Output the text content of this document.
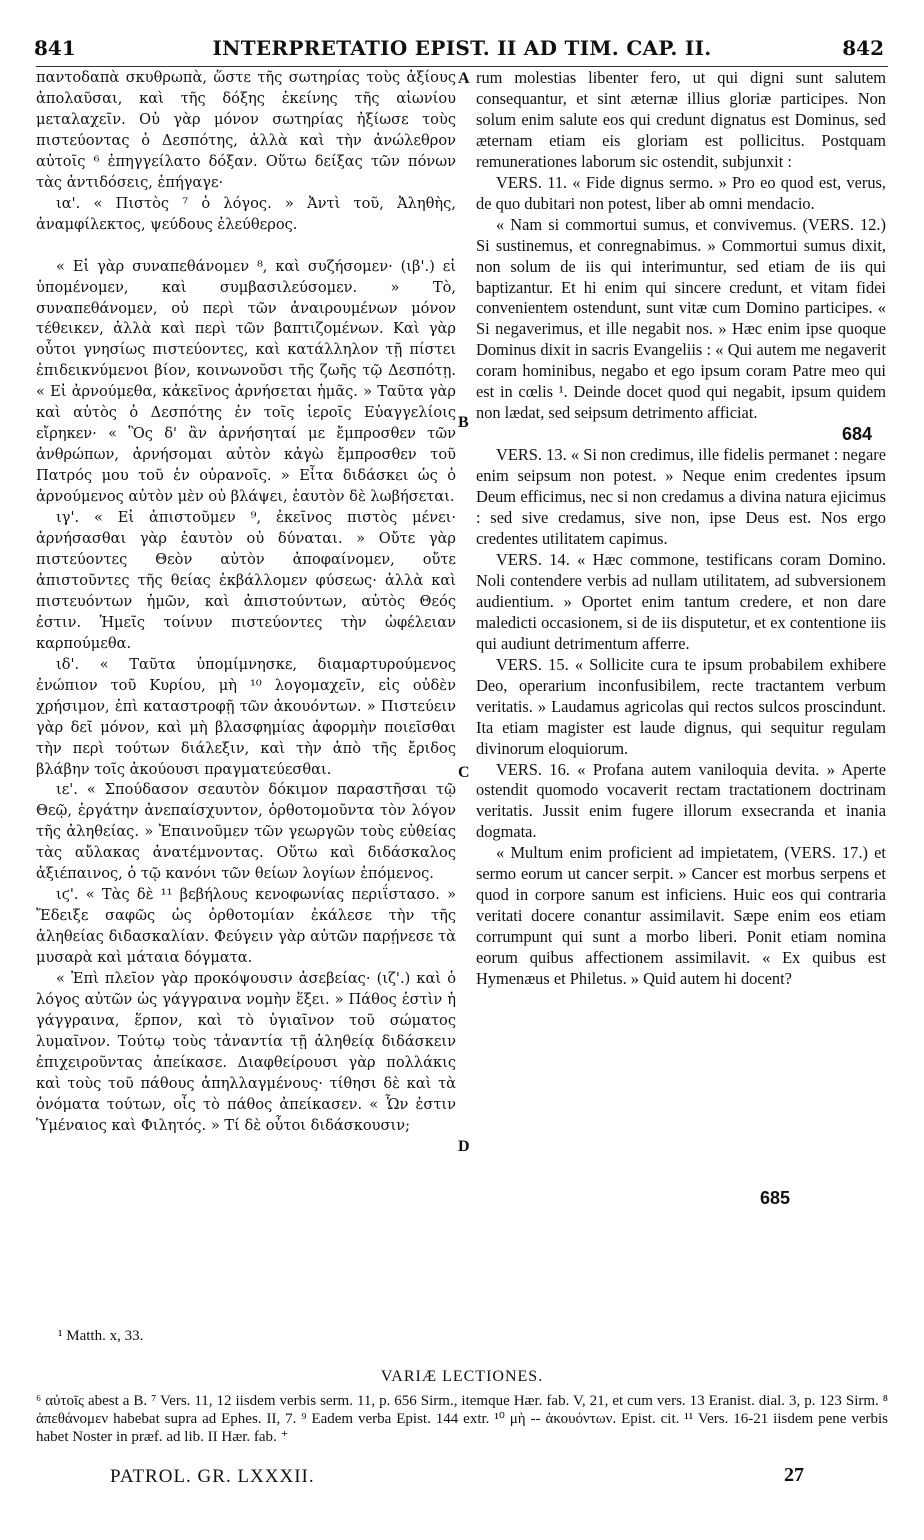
841	INTERPRETATIO EPIST. II AD TIM. CAP. II.	842

παντοδαπὰ σκυθρωπὰ, ὥστε τῆς σωτηρίας τοὺς ἀξίους ἀπολαῦσαι, καὶ τῆς δόξης ἐκείνης τῆς αἰωνίου μεταλαχεῖν. Οὐ γὰρ μόνον σωτηρίας ἠξίωσε τοὺς πιστεύοντας ὁ Δεσπότης, ἀλλὰ καὶ τὴν ἀνώλεθρον αὐτοῖς ⁶ ἐπηγγείλατο δόξαν. Οὕτω δείξας τῶν πόνων τὰς ἀντιδόσεις, ἐπήγαγε·

ια'. « Πιστὸς ⁷ ὁ λόγος. » Ἀντὶ τοῦ, Ἀληθὴς, ἀναμφίλεκτος, ψεύδους ἐλεύθερος.

« Εἰ γὰρ συναπεθάνομεν ⁸, καὶ συζήσομεν· (ιβ'.) εἰ ὑπομένομεν, καὶ συμβασιλεύσομεν. » Τὸ, συναπεθάνομεν, οὐ περὶ τῶν ἀναιρουμένων μόνον τέθεικεν, ἀλλὰ καὶ περὶ τῶν βαπτιζομένων. Καὶ γὰρ οὗτοι γνησίως πιστεύοντες, καὶ κατάλληλον τῇ πίστει ἐπιδεικνύμενοι βίον, κοινωνοῦσι τῆς ζωῆς τῷ Δεσπότῃ. « Εἰ ἀρνούμεθα, κἀκεῖνος ἀρνήσεται ἡμᾶς. » Ταῦτα γὰρ καὶ αὐτὸς ὁ Δεσπότης ἐν τοῖς ἱεροῖς Εὐαγγελίοις εἴρηκεν· « Ὃς δ' ἂν ἀρνήσηταί με ἔμπροσθεν τῶν ἀνθρώπων, ἀρνήσομαι αὐτὸν κἀγὼ ἔμπροσθεν τοῦ Πατρός μου τοῦ ἐν οὐρανοῖς. » Εἶτα διδάσκει ὡς ὁ ἀρνούμενος αὐτὸν μὲν οὐ βλάψει, ἑαυτὸν δὲ λωβήσεται.

ιγ'. « Εἰ ἀπιστοῦμεν ⁹, ἐκεῖνος πιστὸς μένει· ἀρνήσασθαι γὰρ ἑαυτὸν οὐ δύναται. » Οὔτε γὰρ πιστεύοντες Θεὸν αὐτὸν ἀποφαίνομεν, οὔτε ἀπιστοῦντες τῆς θείας ἐκβάλλομεν φύσεως· ἀλλὰ καὶ πιστευόντων ἡμῶν, καὶ ἀπιστούντων, αὐτὸς Θεός ἐστιν. Ἡμεῖς τοίνυν πιστεύοντες τὴν ὠφέλειαν καρπούμεθα.

ιδ'. « Ταῦτα ὑπομίμνησκε, διαμαρτυρούμενος ἐνώπιον τοῦ Κυρίου, μὴ ¹⁰ λογομαχεῖν, εἰς οὐδὲν χρήσιμον, ἐπὶ καταστροφῇ τῶν ἀκουόντων. » Πιστεύειν γὰρ δεῖ μόνον, καὶ μὴ βλασφημίας ἀφορμὴν ποιεῖσθαι τὴν περὶ τούτων διάλεξιν, καὶ τὴν ἀπὸ τῆς ἔριδος βλάβην τοῖς ἀκούουσι πραγματεύεσθαι.

ιε'. « Σπούδασον σεαυτὸν δόκιμον παραστῆσαι τῷ Θεῷ, ἐργάτην ἀνεπαίσχυντον, ὀρθοτομοῦντα τὸν λόγον τῆς ἀληθείας. » Ἐπαινοῦμεν τῶν γεωργῶν τοὺς εὐθείας τὰς αὔλακας ἀνατέμνοντας. Οὕτω καὶ διδάσκαλος ἀξιέπαινος, ὁ τῷ κανόνι τῶν θείων λογίων ἑπόμενος.

ιϛ'. « Τὰς δὲ ¹¹ βεβήλους κενοφωνίας περιΐστασο. » Ἔδειξε σαφῶς ὡς ὀρθοτομίαν ἐκάλεσε τὴν τῆς ἀληθείας διδασκαλίαν. Φεύγειν γὰρ αὐτῶν παρῄνεσε τὰ μυσαρὰ καὶ μάταια δόγματα.

« Ἐπὶ πλεῖον γὰρ προκόψουσιν ἀσεβείας· (ιζ'.) καὶ ὁ λόγος αὐτῶν ὡς γάγγραινα νομὴν ἕξει. » Πάθος ἐστὶν ἡ γάγγραινα, ἕρπον, καὶ τὸ ὑγιαῖνον τοῦ σώματος λυμαῖνον. Τούτῳ τοὺς τἀναντία τῇ ἀληθείᾳ διδάσκειν ἐπιχειροῦντας ἀπείκασε. Διαφθείρουσι γὰρ πολλάκις καὶ τοὺς τοῦ πάθους ἀπηλλαγμένους· τίθησι δὲ καὶ τὰ ὀνόματα τούτων, οἷς τὸ πάθος ἀπείκασεν. « Ὧν ἐστιν Ὑμέναιος καὶ Φιλητός. » Τί δὲ οὗτοι διδάσκουσιν;

rum molestias libenter fero, ut qui digni sunt salutem consequantur, et sint æternæ illius gloriæ participes. Non solum enim salute eos qui credunt dignatus est Dominus, sed æternam etiam eis gloriam est pollicitus. Postquam remunerationes laborum sic ostendit, subjunxit :

VERS. 11. « Fide dignus sermo. » Pro eo quod est, verus, de quo dubitari non potest, liber ab omni mendacio.

« Nam si commortui sumus, et convivemus. (VERS. 12.) Si sustinemus, et conregnabimus. » Commortui sumus dixit, non solum de iis qui interimuntur, sed etiam de iis qui baptizantur. Et hi enim qui sincere credunt, et vitam fidei convenientem ostendunt, sunt vitæ cum Domino participes. « Si negaverimus, et ille negabit nos. » Hæc enim ipse quoque Dominus dixit in sacris Evangeliis : « Qui autem me negaverit coram hominibus, negabo et ego ipsum coram Patre meo qui est in cœlis ¹. Deinde docet quod qui negabit, ipsum quidem non lædat, sed seipsum detrimento afficiat.

VERS. 13. « Si non credimus, ille fidelis permanet : negare enim seipsum non potest. » Neque enim credentes ipsum Deum efficimus, nec si non credamus a divina natura ejicimus : sed sive credamus, sive non, ipse Deus est. Nos ergo credentes utilitatem capimus.

VERS. 14. « Hæc commone, testificans coram Domino. Noli contendere verbis ad nullam utilitatem, ad subversionem audientium. » Oportet enim tantum credere, et non dare maledicti occasionem, si de iis disputetur, et ex contentione iis qui audiunt detrimentum afferre.

VERS. 15. « Sollicite cura te ipsum probabilem exhibere Deo, operarium inconfusibilem, recte tractantem verbum veritatis. » Laudamus agricolas qui rectos sulcos proscindunt. Ita etiam magister est laude dignus, qui sequitur regulam divinorum eloquiorum.

VERS. 16. « Profana autem vaniloquia devita. » Aperte ostendit quomodo vocaverit rectam tractationem doctrinam veritatis. Jussit enim fugere illorum exsecranda et inania dogmata.

« Multum enim proficient ad impietatem, (VERS. 17.) et sermo eorum ut cancer serpit. » Cancer est morbus serpens et quod in corpore sanum est inficiens. Huic eos qui contraria veritati docere conantur assimilavit. Sæpe enim eos etiam corrumpunt qui sunt a morbo liberi. Ponit etiam nomina eorum quibus affectionem assimilavit. « Ex quibus est Hymenæus et Philetus. » Quid autem hi docent?

A
B
C
D
684
685
¹ Matth. x, 33.
VARIÆ LECTIONES.

⁶ αὐτοῖς abest a B. ⁷ Vers. 11, 12 iisdem verbis serm. 11, p. 656 Sirm., itemque Hær. fab. V, 21, et cum vers. 13 Eranist. dial. 3, p. 123 Sirm. ⁸ ἀπεθάνομεν habebat supra ad Ephes. II, 7. ⁹ Eadem verba Epist. 144 extr. ¹⁰ μὴ -- ἀκουόντων. Epist. cit. ¹¹ Vers. 16-21 iisdem pene verbis habet Noster in præf. ad lib. II Hær. fab. ⁺

PATROL. GR. LXXXII.	27
